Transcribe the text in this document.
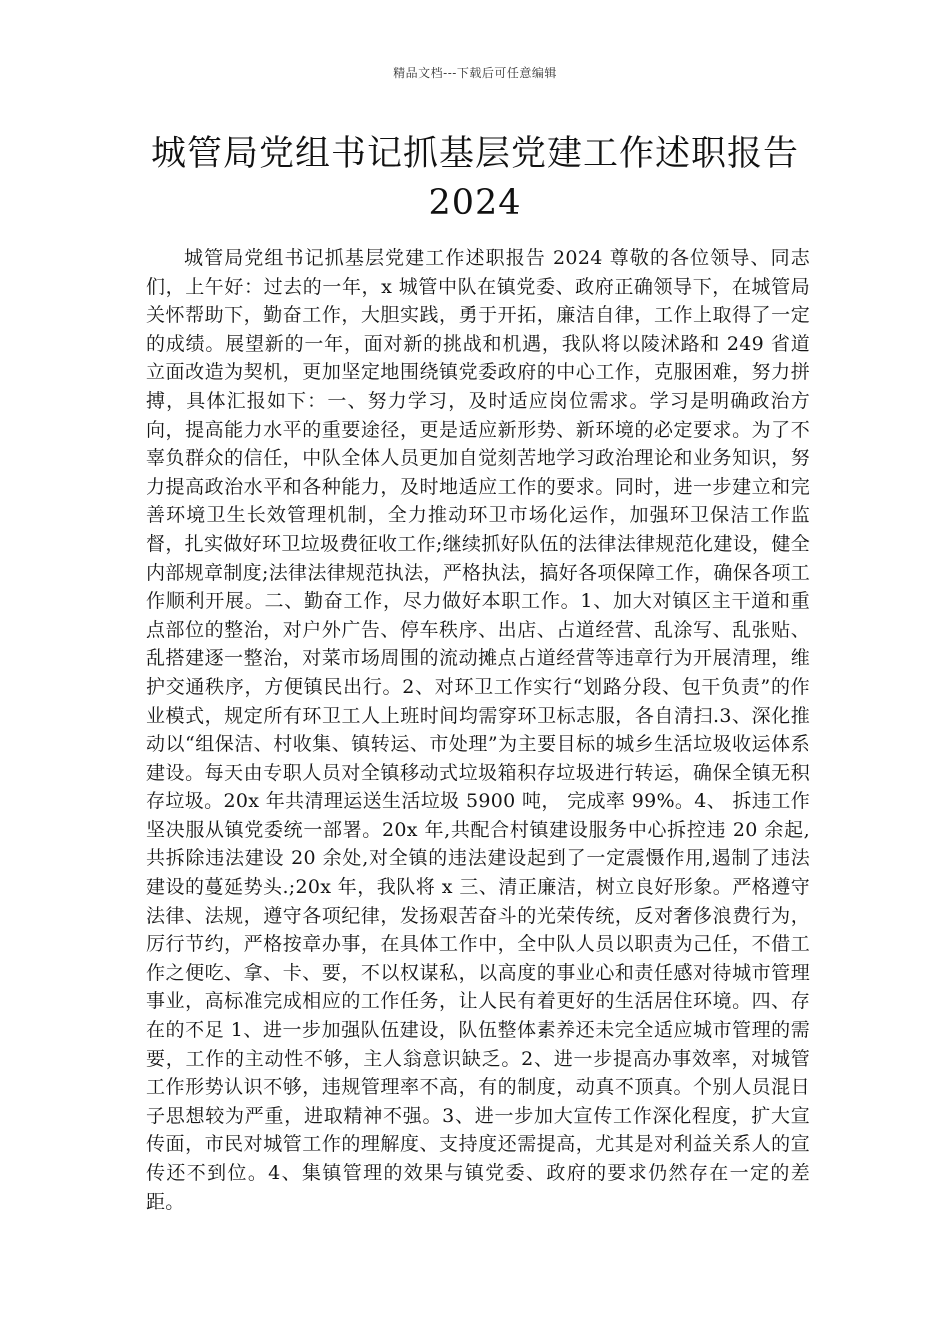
精品文档---下载后可任意编辑
城管局党组书记抓基层党建工作述职报告
2024

城管局党组书记抓基层党建工作述职报告 2024 尊敬的各位领导、同志们，上午好：过去的一年，x 城管中队在镇党委、政府正确领导下，在城管局关怀帮助下，勤奋工作，大胆实践，勇于开拓，廉洁自律，工作上取得了一定的成绩。展望新的一年，面对新的挑战和机遇，我队将以陵沭路和 249 省道立面改造为契机，更加坚定地围绕镇党委政府的中心工作，克服困难，努力拼搏，具体汇报如下：一、努力学习，及时适应岗位需求。学习是明确政治方向，提高能力水平的重要途径，更是适应新形势、新环境的必定要求。为了不辜负群众的信任，中队全体人员更加自觉刻苦地学习政治理论和业务知识，努力提高政治水平和各种能力，及时地适应工作的要求。同时，进一步建立和完善环境卫生长效管理机制，全力推动环卫市场化运作，加强环卫保洁工作监督，扎实做好环卫垃圾费征收工作;继续抓好队伍的法律法律规范化建设，健全内部规章制度;法律法律规范执法，严格执法，搞好各项保障工作，确保各项工作顺利开展。二、勤奋工作，尽力做好本职工作。1、加大对镇区主干道和重点部位的整治，对户外广告、停车秩序、出店、占道经营、乱涂写、乱张贴、乱搭建逐一整治，对菜市场周围的流动摊点占道经营等违章行为开展清理，维护交通秩序，方便镇民出行。2、对环卫工作实行“划路分段、包干负责”的作业模式，规定所有环卫工人上班时间均需穿环卫标志服，各自清扫.3、深化推动以“组保洁、村收集、镇转运、市处理”为主要目标的城乡生活垃圾收运体系建设。每天由专职人员对全镇移动式垃圾箱积存垃圾进行转运，确保全镇无积存垃圾。20x 年共清理运送生活垃圾 5900 吨， 完成率 99%。4、 拆违工作坚决服从镇党委统一部署。20x 年,共配合村镇建设服务中心拆控违 20 余起,共拆除违法建设 20 余处,对全镇的违法建设起到了一定震慑作用,遏制了违法建设的蔓延势头.;20x 年，我队将 x 三、清正廉洁，树立良好形象。严格遵守法律、法规，遵守各项纪律，发扬艰苦奋斗的光荣传统，反对奢侈浪费行为，厉行节约，严格按章办事，在具体工作中，全中队人员以职责为己任，不借工作之便吃、拿、卡、要，不以权谋私，以高度的事业心和责任感对待城市管理事业，高标准完成相应的工作任务，让人民有着更好的生活居住环境。四、存在的不足 1、进一步加强队伍建设，队伍整体素养还未完全适应城市管理的需要，工作的主动性不够，主人翁意识缺乏。2、进一步提高办事效率，对城管工作形势认识不够，违规管理率不高，有的制度，动真不顶真。个别人员混日子思想较为严重，进取精神不强。3、进一步加大宣传工作深化程度，扩大宣传面，市民对城管工作的理解度、支持度还需提高，尤其是对利益关系人的宣传还不到位。4、集镇管理的效果与镇党委、政府的要求仍然存在一定的差距。
